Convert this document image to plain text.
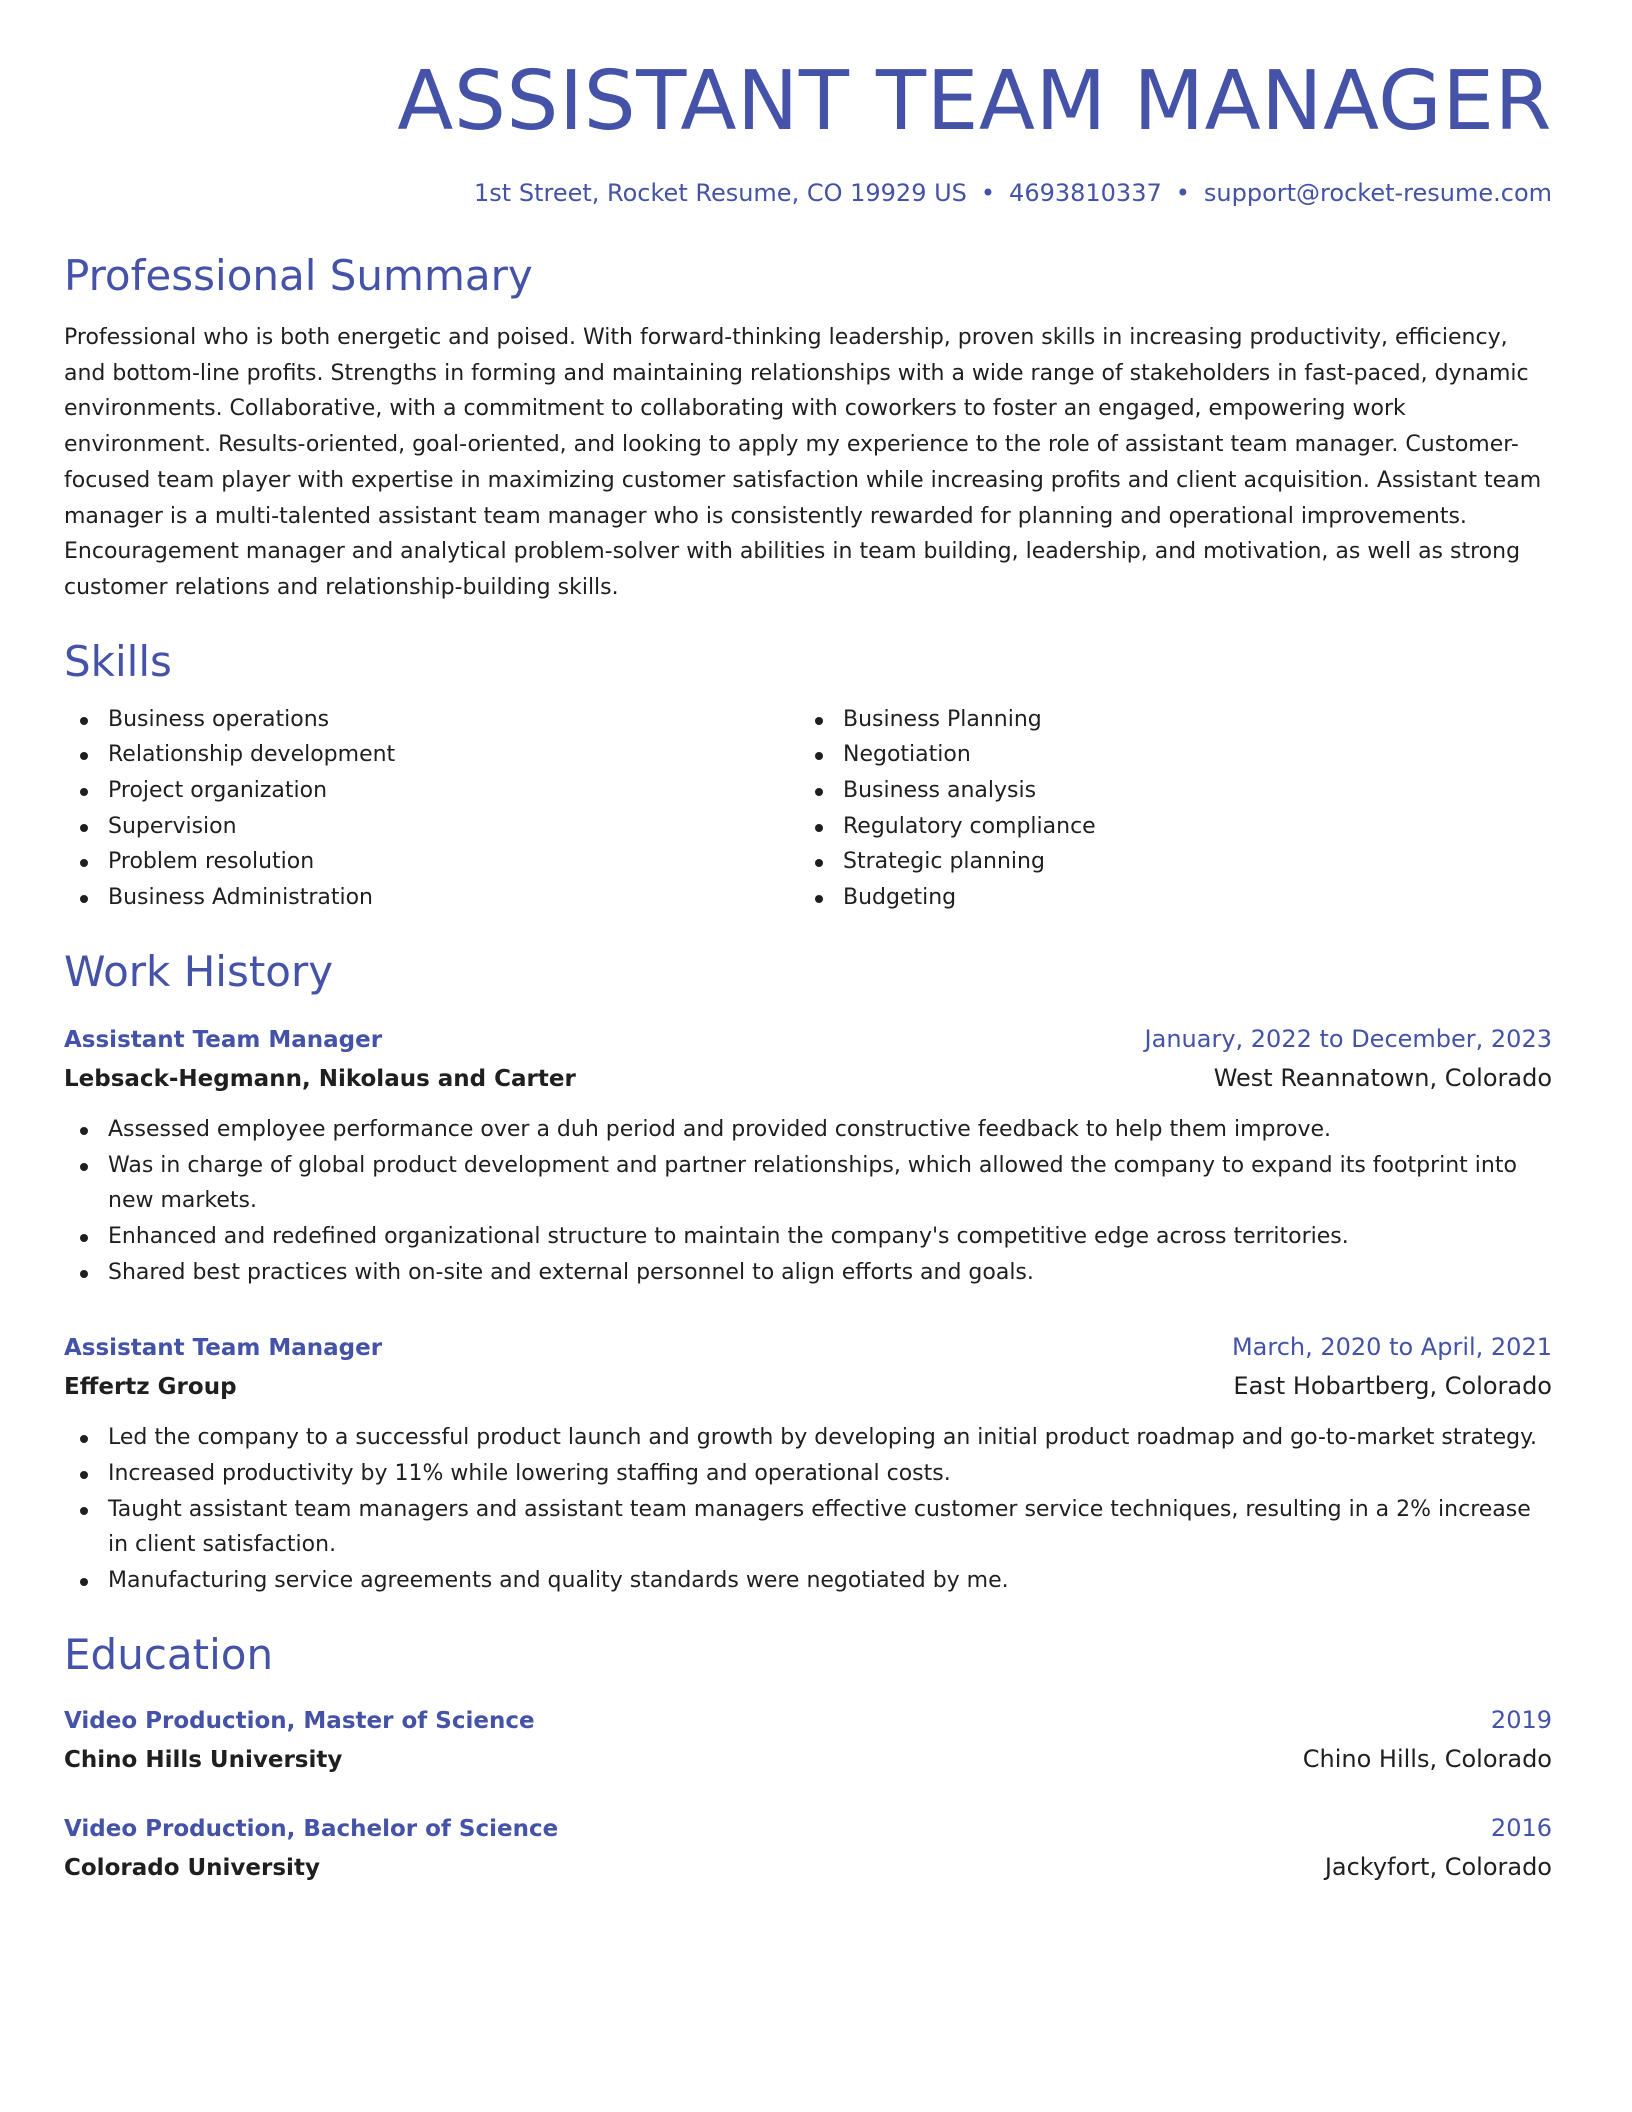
ASSISTANT TEAM MANAGER
1st Street, Rocket Resume, CO 19929 US • 4693810337 • support@rocket-resume.com
Professional Summary

Professional who is both energetic and poised. With forward-thinking leadership, proven skills in increasing productivity, efficiency, and bottom-line profits. Strengths in forming and maintaining relationships with a wide range of stakeholders in fast-paced, dynamic environments. Collaborative, with a commitment to collaborating with coworkers to foster an engaged, empowering work environment. Results-oriented, goal-oriented, and looking to apply my experience to the role of assistant team manager. Customer-focused team player with expertise in maximizing customer satisfaction while increasing profits and client acquisition. Assistant team manager is a multi-talented assistant team manager who is consistently rewarded for planning and operational improvements. Encouragement manager and analytical problem-solver with abilities in team building, leadership, and motivation, as well as strong customer relations and relationship-building skills.

Skills
Business operations
Relationship development
Project organization
Supervision
Problem resolution
Business Administration
Business Planning
Negotiation
Business analysis
Regulatory compliance
Strategic planning
Budgeting
Work History
Assistant Team Manager	January, 2022 to December, 2023
Lebsack-Hegmann, Nikolaus and Carter	West Reannatown, Colorado
Assessed employee performance over a duh period and provided constructive feedback to help them improve.
Was in charge of global product development and partner relationships, which allowed the company to expand its footprint into new markets.
Enhanced and redefined organizational structure to maintain the company's competitive edge across territories.
Shared best practices with on-site and external personnel to align efforts and goals.
Assistant Team Manager	March, 2020 to April, 2021
Effertz Group	East Hobartberg, Colorado
Led the company to a successful product launch and growth by developing an initial product roadmap and go-to-market strategy.
Increased productivity by 11% while lowering staffing and operational costs.
Taught assistant team managers and assistant team managers effective customer service techniques, resulting in a 2% increase in client satisfaction.
Manufacturing service agreements and quality standards were negotiated by me.
Education
Video Production, Master of Science	2019
Chino Hills University	Chino Hills, Colorado
Video Production, Bachelor of Science	2016
Colorado University	Jackyfort, Colorado
